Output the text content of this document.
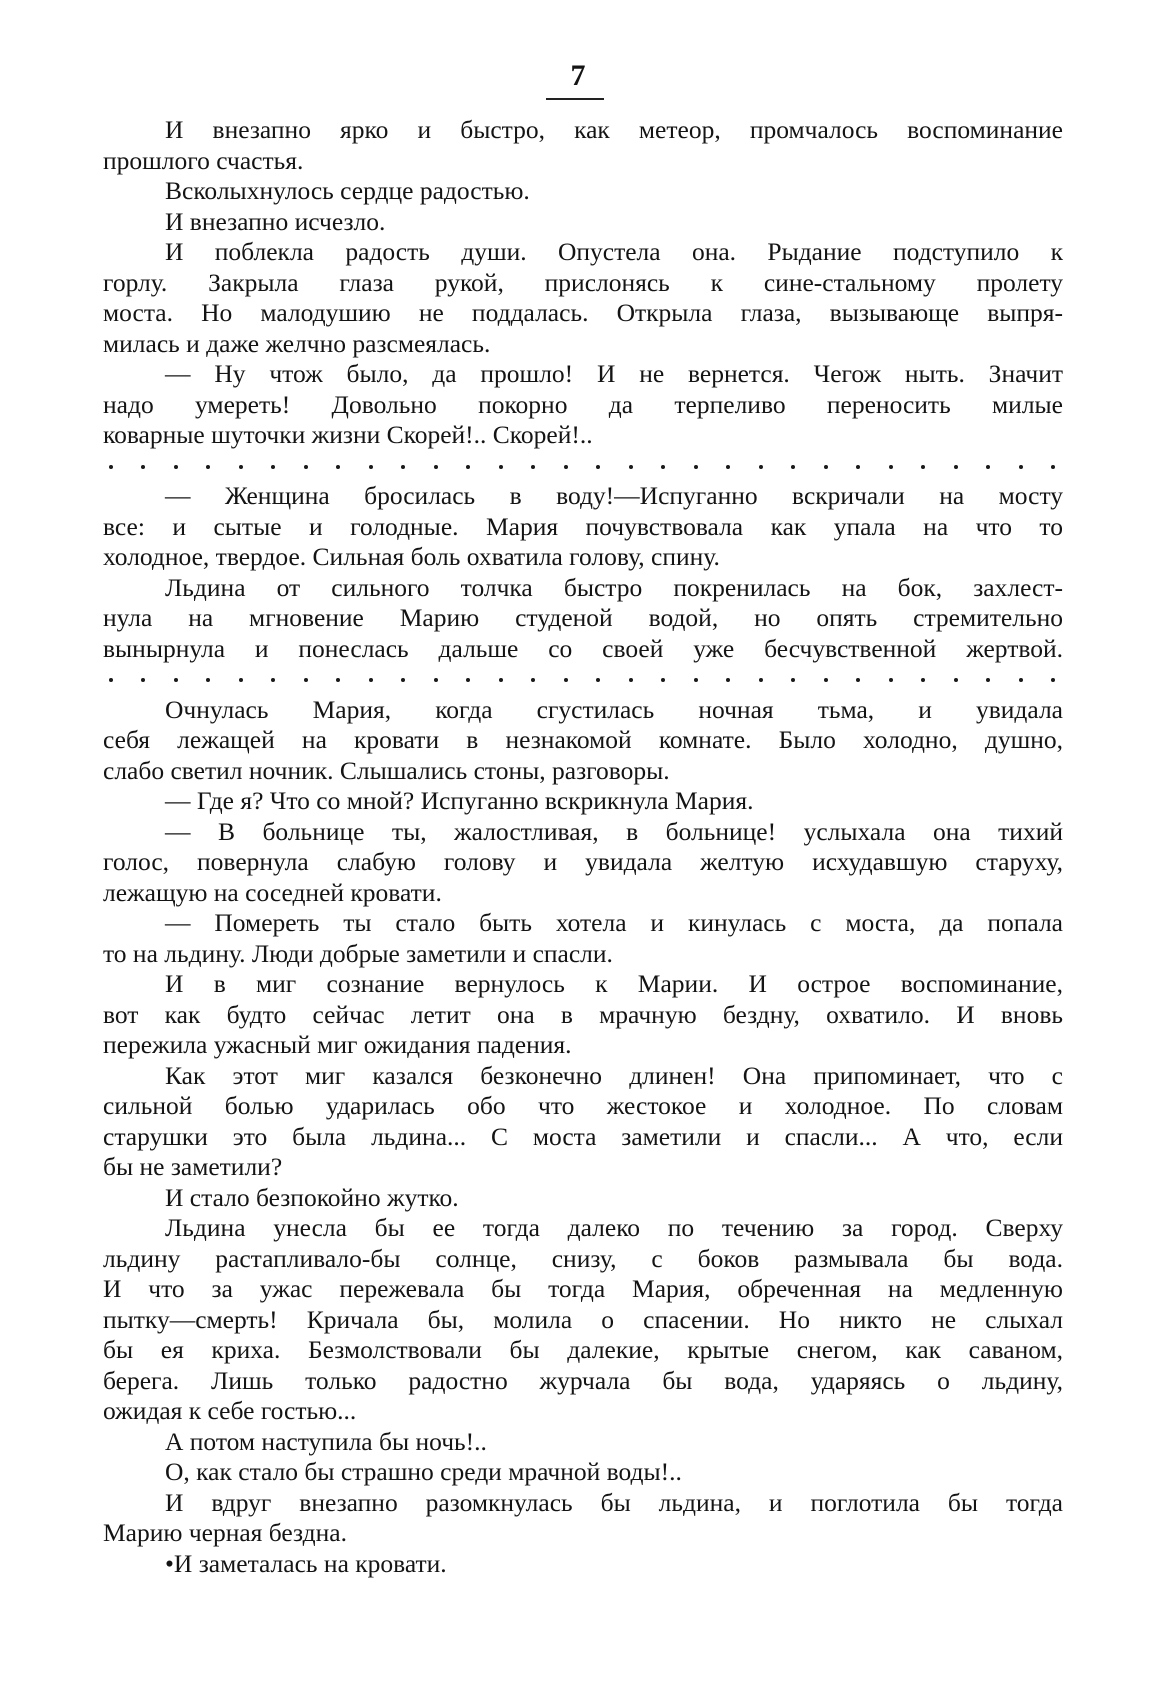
7
И внезапно ярко и быстро, как метеор, промчалось воспоминание
прошлого счастья.
Всколыхнулось сердце радостью.
И внезапно исчезло.
И поблекла радость души. Опустела она. Рыдание подступило к
горлу. Закрыла глаза рукой, прислонясь к сине-стальному пролету
моста. Но малодушию не поддалась. Открыла глаза, вызывающе выпря-
милась и даже желчно разсмеялась.
— Ну чтож было, да прошло! И не вернется. Чегож ныть. Значит
надо умереть! Довольно покорно да терпеливо переносить милые
коварные шуточки жизни Скорей!.. Скорей!..
— Женщина бросилась в воду!—Испуганно вскричали на мосту
все: и сытые и голодные. Мария почувствовала как упала на что то
холодное, твердое. Сильная боль охватила голову, спину.
Льдина от сильного толчка быстро покренилась на бок, захлест-
нула на мгновение Марию студеной водой, но опять стремительно
вынырнула и понеслась дальше со своей уже бесчувственной жертвой.
Очнулась Мария, когда сгустилась ночная тьма, и увидала
себя лежащей на кровати в незнакомой комнате. Было холодно, душно,
слабо светил ночник. Слышались стоны, разговоры.
— Где я? Что со мной? Испуганно вскрикнула Мария.
— В больнице ты, жалостливая, в больнице! услыхала она тихий
голос, повернула слабую голову и увидала желтую исхудавшую старуху,
лежащую на соседней кровати.
— Помереть ты стало быть хотела и кинулась с моста, да попала
то на льдину. Люди добрые заметили и спасли.
И в миг сознание вернулось к Марии. И острое воспоминание,
вот как будто сейчас летит она в мрачную бездну, охватило. И вновь
пережила ужасный миг ожидания падения.
Как этот миг казался безконечно длинен! Она припоминает, что с
сильной болью ударилась обо что жестокое и холодное. По словам
старушки это была льдина... С моста заметили и спасли... А что, если
бы не заметили?
И стало безпокойно жутко.
Льдина унесла бы ее тогда далеко по течению за город. Сверху
льдину растапливало-бы солнце, снизу, с боков размывала бы вода.
И что за ужас пережевала бы тогда Мария, обреченная на медленную
пытку—смерть! Кричала бы, молила о спасении. Но никто не слыхал
бы ея криха. Безмолствовали бы далекие, крытые снегом, как саваном,
берега. Лишь только радостно журчала бы вода, ударяясь о льдину,
ожидая к себе гостью...
А потом наступила бы ночь!..
О, как стало бы страшно среди мрачной воды!..
И вдруг внезапно разомкнулась бы льдина, и поглотила бы тогда
Марию черная бездна.
•И заметалась на кровати.
